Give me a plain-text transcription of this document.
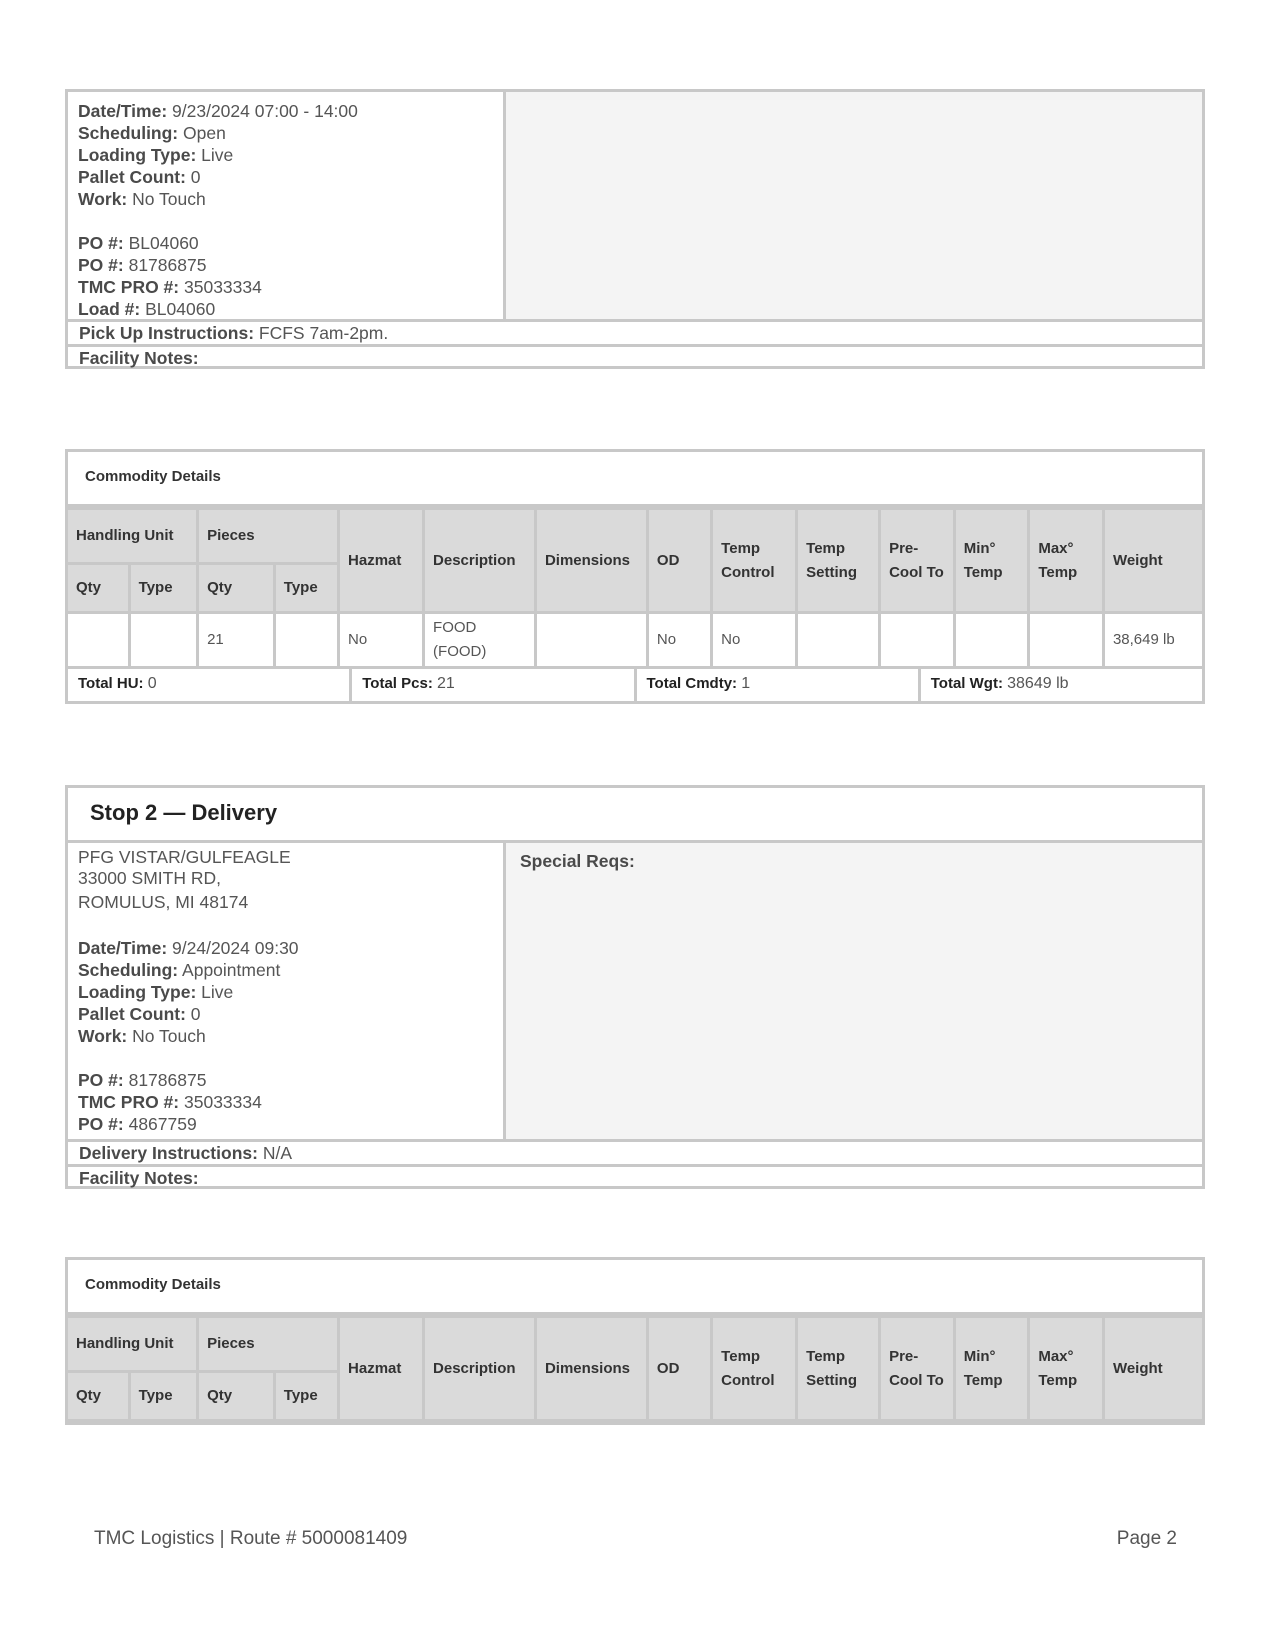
Date/Time: 9/23/2024 07:00 - 14:00
Scheduling: Open
Loading Type: Live
Pallet Count: 0
Work: No Touch
PO #: BL04060
PO #: 81786875
TMC PRO #: 35033334
Load #: BL04060
Pick Up Instructions: FCFS 7am-2pm.
Facility Notes:
Commodity Details
Handling Unit		Pieces		Hazmat	Description	Dimensions	OD	Temp Control	Temp Setting	Pre-Cool To	Min° Temp	Max° Temp	Weight
Qty	Type	Qty	Type										
		21		No	FOOD (FOOD)		No	No					38,649 lb
Total HU: 0	Total Pcs: 21	Total Cmdty: 1	Total Wgt: 38649 lb
Stop 2 — Delivery
PFG VISTAR/GULFEAGLE
33000 SMITH RD,
ROMULUS, MI 48174
Date/Time: 9/24/2024 09:30
Scheduling: Appointment
Loading Type: Live
Pallet Count: 0
Work: No Touch
PO #: 81786875
TMC PRO #: 35033334
PO #: 4867759
Special Reqs:
Delivery Instructions: N/A
Facility Notes:
Commodity Details
Handling Unit		Pieces		Hazmat	Description	Dimensions	OD	Temp Control	Temp Setting	Pre-Cool To	Min° Temp	Max° Temp	Weight
Qty	Type	Qty	Type										
TMC Logistics | Route # 5000081409	Page 2
